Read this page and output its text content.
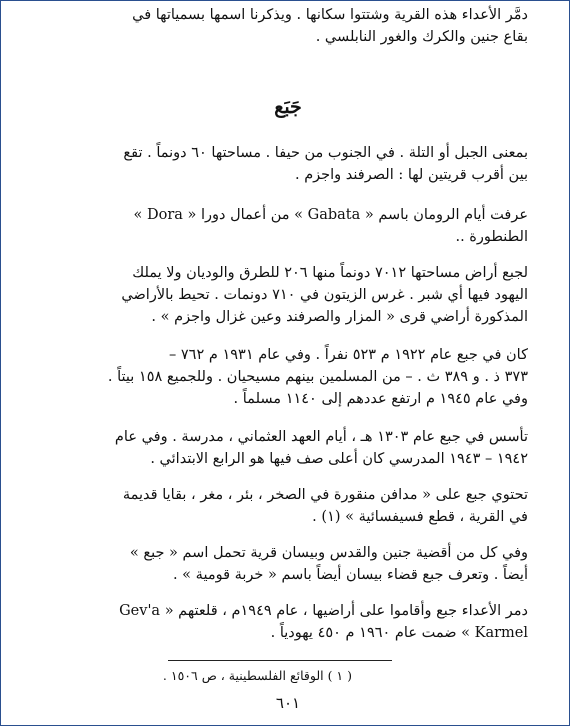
دمَّر الأعداء هذه القرية وشتتوا سكانها . ويذكرنا اسمها بسمياتها في
بقاع جنين والكرك والغور النابلسي .

جَبَع

بمعنى الجبل أو التلة . في الجنوب من حيفا . مساحتها ٦٠ دونماً . تقع
بين أقرب قريتين لها : الصرفند واجزم .

عرفت أيام الرومان باسم « Gabata » من أعمال دورا « Dora »
الطنطورة ..

لجبع أراض مساحتها ٧٠١٢ دونماً منها ٢٠٦ للطرق والوديان ولا يملك
اليهود فيها أي شبر . غرس الزيتون في ٧١٠ دونمات . تحيط بالأراضي
المذكورة أراضي قرى « المزار والصرفند وعين غزال واجزم » .

كان في جبع عام ١٩٢٢ م ٥٢٣ نفراً . وفي عام ١٩٣١ م ٧٦٢ –
٣٧٣ ذ . و ٣٨٩ ث . – من المسلمين بينهم مسيحيان . وللجميع ١٥٨ بيتاً .
وفي عام ١٩٤٥ م ارتفع عددهم إلى ١١٤٠ مسلماً .

تأسس في جبع عام ١٣٠٣ هـ ، أيام العهد العثماني ، مدرسة . وفي عام
١٩٤٢ – ١٩٤٣ المدرسي كان أعلى صف فيها هو الرابع الابتدائي .

تحتوي جبع على « مدافن منقورة في الصخر ، بئر ، مغر ، بقايا قديمة
في القرية ، قطع فسيفسائية » (١) .

وفي كل من أقضية جنين والقدس وبيسان قرية تحمل اسم « جبع »
أيضاً . وتعرف جبع قضاء بيسان أيضاً باسم « خربة قومية » .

دمر الأعداء جبع وأقاموا على أراضيها ، عام ١٩٤٩م ، قلعتهم « Gev'a
Karmel » ضمت عام ١٩٦٠ م ٤٥٠ يهودياً .

( ١ ) الوقائع الفلسطينية ، ص ١٥٠٦ .
٦٠١
